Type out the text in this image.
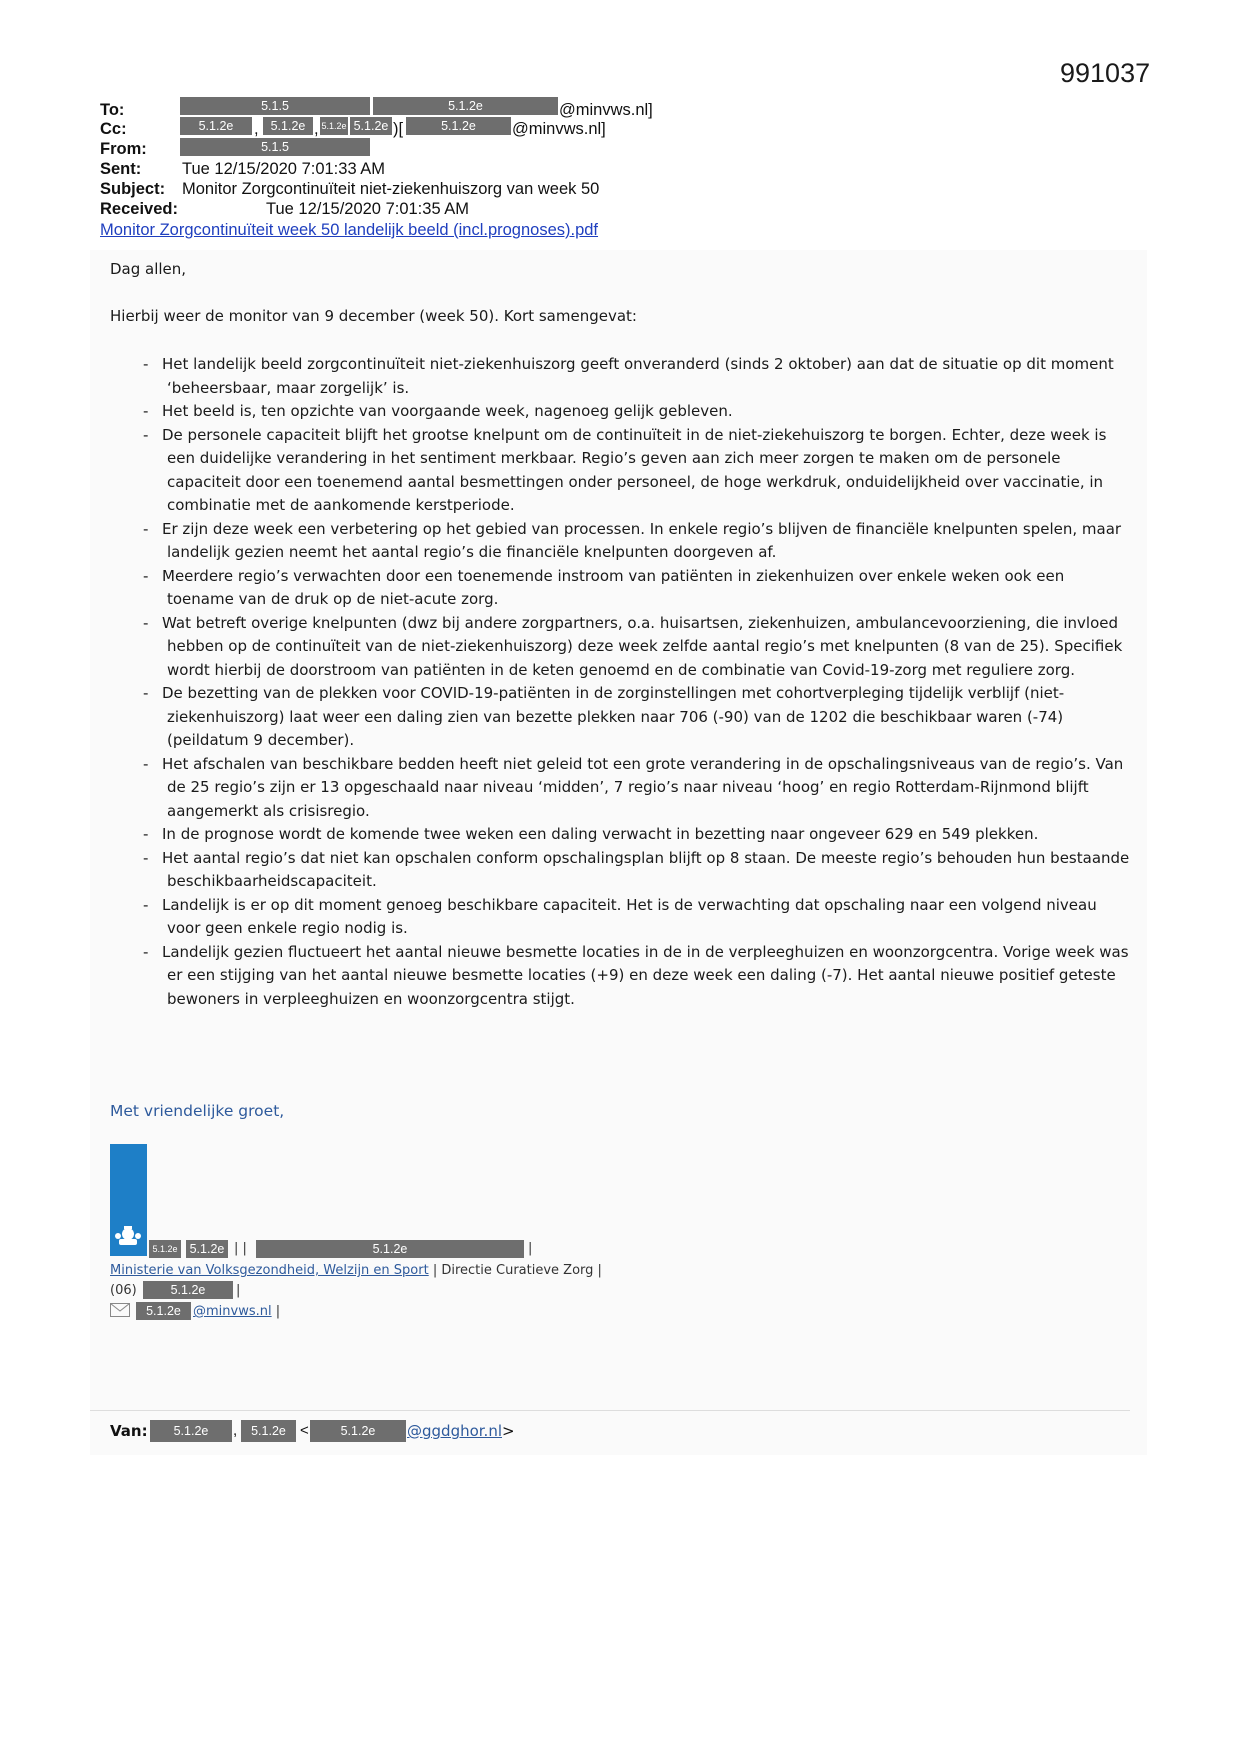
991037
To:	5.1.5	5.1.2e	@minvws.nl]
Cc:	5.1.2e	, 5.1.2e , 5.1.2e 5.1.2e )[	5.1.2e	@minvws.nl]
From:	5.1.5
Sent: Tue 12/15/2020 7:01:33 AM
Subject: Monitor Zorgcontinuïteit niet-ziekenhuiszorg van week 50
Received:	Tue 12/15/2020 7:01:35 AM
Monitor Zorgcontinuïteit week 50 landelijk beeld (incl.prognoses).pdf
Dag allen,
Hierbij weer de monitor van 9 december (week 50). Kort samengevat:
- Het landelijk beeld zorgcontinuïteit niet-ziekenhuiszorg geeft onveranderd (sinds 2 oktober) aan dat de situatie op dit moment ‘beheersbaar, maar zorgelijk’ is.
- Het beeld is, ten opzichte van voorgaande week, nagenoeg gelijk gebleven.
- De personele capaciteit blijft het grootse knelpunt om de continuïteit in de niet-ziekehuiszorg te borgen. Echter, deze week is een duidelijke verandering in het sentiment merkbaar. Regio’s geven aan zich meer zorgen te maken om de personele capaciteit door een toenemend aantal besmettingen onder personeel, de hoge werkdruk, onduidelijkheid over vaccinatie, in combinatie met de aankomende kerstperiode.
- Er zijn deze week een verbetering op het gebied van processen. In enkele regio’s blijven de financiële knelpunten spelen, maar landelijk gezien neemt het aantal regio’s die financiële knelpunten doorgeven af.
- Meerdere regio’s verwachten door een toenemende instroom van patiënten in ziekenhuizen over enkele weken ook een toename van de druk op de niet-acute zorg.
- Wat betreft overige knelpunten (dwz bij andere zorgpartners, o.a. huisartsen, ziekenhuizen, ambulancevoorziening, die invloed hebben op de continuïteit van de niet-ziekenhuiszorg) deze week zelfde aantal regio’s met knelpunten (8 van de 25). Specifiek wordt hierbij de doorstroom van patiënten in de keten genoemd en de combinatie van Covid-19-zorg met reguliere zorg.
- De bezetting van de plekken voor COVID-19-patiënten in de zorginstellingen met cohortverpleging tijdelijk verblijf (niet-ziekenhuiszorg) laat weer een daling zien van bezette plekken naar 706 (-90) van de 1202 die beschikbaar waren (-74) (peildatum 9 december).
- Het afschalen van beschikbare bedden heeft niet geleid tot een grote verandering in de opschalingsniveaus van de regio’s. Van de 25 regio’s zijn er 13 opgeschaald naar niveau ‘midden’, 7 regio’s naar niveau ‘hoog’ en regio Rotterdam-Rijnmond blijft aangemerkt als crisisregio.
- In de prognose wordt de komende twee weken een daling verwacht in bezetting naar ongeveer 629 en 549 plekken.
- Het aantal regio’s dat niet kan opschalen conform opschalingsplan blijft op 8 staan. De meeste regio’s behouden hun bestaande beschikbaarheidscapaciteit.
- Landelijk is er op dit moment genoeg beschikbare capaciteit. Het is de verwachting dat opschaling naar een volgend niveau voor geen enkele regio nodig is.
- Landelijk gezien fluctueert het aantal nieuwe besmette locaties in de in de verpleeghuizen en woonzorgcentra. Vorige week was er een stijging van het aantal nieuwe besmette locaties (+9) en deze week een daling (-7). Het aantal nieuwe positief geteste bewoners in verpleeghuizen en woonzorgcentra stijgt.
Met vriendelijke groet,
5.1.2e 5.1.2e | |	5.1.2e	|
Ministerie van Volksgezondheid, Welzijn en Sport | Directie Curatieve Zorg |
(06)	5.1.2e	|
5.1.2e @minvws.nl |
Van:	5.1.2e	,	5.1.2e <	5.1.2e	@ggdghor.nl>
